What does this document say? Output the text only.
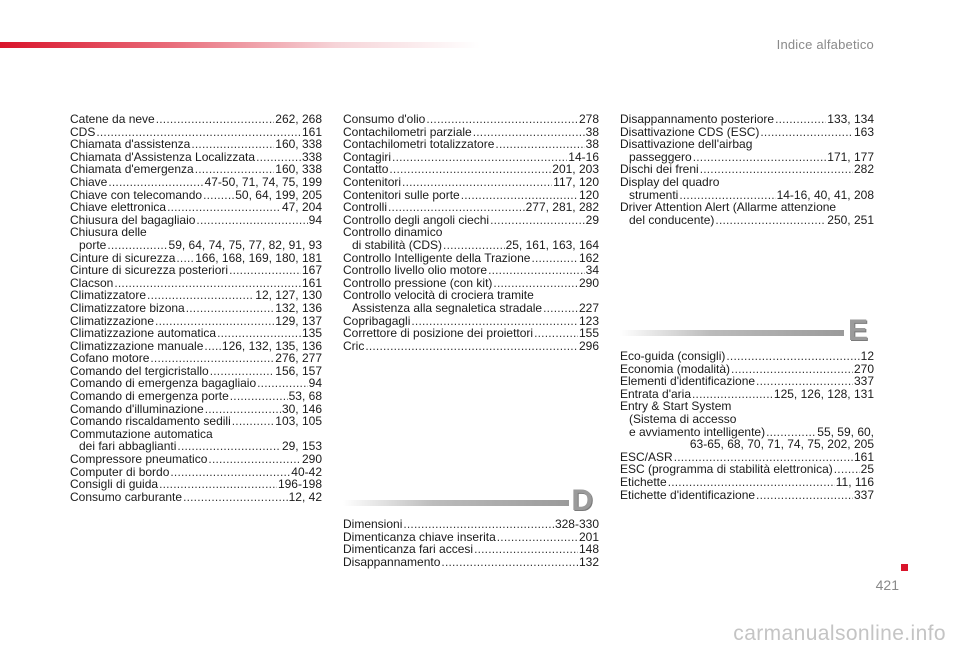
Indice alfabetico
Catene da neve .....	262, 268
CDS .....	161
Chiamata d'assistenza .....	160, 338
Chiamata d'Assistenza Localizzata .....	338
Chiamata d'emergenza .....	160, 338
Chiave .....	47-50, 71, 74, 75, 199
Chiave con telecomando .....	50, 64, 199, 205
Chiave elettronica .....	47, 204
Chiusura del bagagliaio .....	94
Chiusura delle
porte .....	59, 64, 74, 75, 77, 82, 91, 93
Cinture di sicurezza ..... 166, 168, 169, 180, 181
Cinture di sicurezza posteriori .....	167
Clacson .....	161
Climatizzatore .....	12, 127, 130
Climatizzatore bizona .....	132, 136
Climatizzazione .....	129, 137
Climatizzazione automatica .....	135
Climatizzazione manuale ..... 126, 132, 135, 136
Cofano motore .....	276, 277
Comando del tergicristallo .....	156, 157
Comando di emergenza bagagliaio .....	94
Comando di emergenza porte .....	53, 68
Comando d'illuminazione .....	30, 146
Comando riscaldamento sedili .....	103, 105
Commutazione automatica
dei fari abbaglianti .....	29, 153
Compressore pneumatico .....	290
Computer di bordo .....	40-42
Consigli di guida .....	196-198
Consumo carburante .....	12, 42
Consumo d'olio .....	278
Contachilometri parziale .....	38
Contachilometri totalizzatore .....	38
Contagiri .....	14-16
Contatto .....	201, 203
Contenitori .....	117, 120
Contenitori sulle porte .....	120
Controlli .....	277, 281, 282
Controllo degli angoli ciechi .....	29
Controllo dinamico
di stabilità (CDS) .....	25, 161, 163, 164
Controllo Intelligente della Trazione .....	162
Controllo livello olio motore .....	34
Controllo pressione (con kit) .....	290
Controllo velocità di crociera tramite
Assistenza alla segnaletica stradale .....	227
Copribagagli .....	123
Correttore di posizione dei proiettori .....	155
Cric .....	296
Disappannamento posteriore .....	133, 134
Disattivazione CDS (ESC) .....	163
Disattivazione dell'airbag
passeggero .....	171, 177
Dischi dei freni .....	282
Display del quadro
strumenti .....	14-16, 40, 41, 208
Driver Attention Alert (Allarme attenzione
del conducente) .....	250, 251
D
Dimensioni .....	328-330
Dimenticanza chiave inserita .....	201
Dimenticanza fari accesi .....	148
Disappannamento .....	132
E
Eco-guida (consigli) .....	12
Economia (modalità) .....	270
Elementi d'identificazione .....	337
Entrata d'aria .....	125, 126, 128, 131
Entry & Start System
(Sistema di accesso
e avviamento intelligente) .....	55, 59, 60,
63-65, 68, 70, 71, 74, 75, 202, 205
ESC/ASR .....	161
ESC (programma di stabilità elettronica) ..... 25
Etichette .....	11, 116
Etichette d'identificazione .....	337
421
carmanualsonline.info
